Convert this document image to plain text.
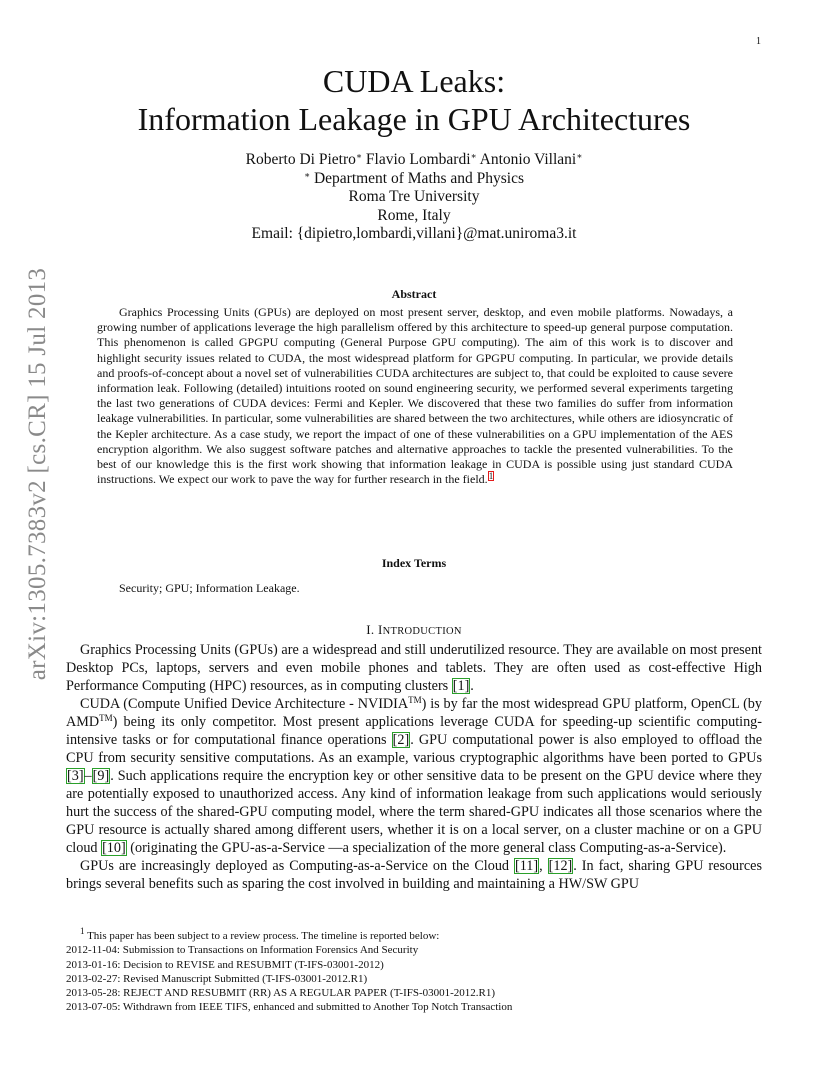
1
arXiv:1305.7383v2 [cs.CR] 15 Jul 2013
CUDA Leaks:
Information Leakage in GPU Architectures
Roberto Di Pietro∗ Flavio Lombardi∗ Antonio Villani∗
∗ Department of Maths and Physics
Roma Tre University
Rome, Italy
Email: {dipietro,lombardi,villani}@mat.uniroma3.it
Abstract

Graphics Processing Units (GPUs) are deployed on most present server, desktop, and even mobile platforms. Nowadays, a growing number of applications leverage the high parallelism offered by this architecture to speed-up general purpose computation. This phenomenon is called GPGPU computing (General Purpose GPU computing). The aim of this work is to discover and highlight security issues related to CUDA, the most widespread platform for GPGPU computing. In particular, we provide details and proofs-of-concept about a novel set of vulnerabilities CUDA architectures are subject to, that could be exploited to cause severe information leak. Following (detailed) intuitions rooted on sound engineering security, we performed several experiments targeting the last two generations of CUDA devices: Fermi and Kepler. We discovered that these two families do suffer from information leakage vulnerabilities. In particular, some vulnerabilities are shared between the two architectures, while others are idiosyncratic of the Kepler architecture. As a case study, we report the impact of one of these vulnerabilities on a GPU implementation of the AES encryption algorithm. We also suggest software patches and alternative approaches to tackle the presented vulnerabilities. To the best of our knowledge this is the first work showing that information leakage in CUDA is possible using just standard CUDA instructions. We expect our work to pave the way for further research in the field.$^1$

Index Terms
Security; GPU; Information Leakage.
I. INTRODUCTION

Graphics Processing Units (GPUs) are a widespread and still underutilized resource. They are available on most present Desktop PCs, laptops, servers and even mobile phones and tablets. They are often used as cost-effective High Performance Computing (HPC) resources, as in computing clusters [1].

CUDA (Compute Unified Device Architecture - NVIDIA™) is by far the most widespread GPU platform, OpenCL (by AMD™) being its only competitor. Most present applications leverage CUDA for speeding-up scientific computing-intensive tasks or for computational finance operations [2]. GPU computational power is also employed to offload the CPU from security sensitive computations. As an example, various cryptographic algorithms have been ported to GPUs [3]–[9]. Such applications require the encryption key or other sensitive data to be present on the GPU device where they are potentially exposed to unauthorized access. Any kind of information leakage from such applications would seriously hurt the success of the shared-GPU computing model, where the term shared-GPU indicates all those scenarios where the GPU resource is actually shared among different users, whether it is on a local server, on a cluster machine or on a GPU cloud [10] (originating the GPU-as-a-Service —a specialization of the more general class Computing-as-a-Service).

GPUs are increasingly deployed as Computing-as-a-Service on the Cloud [11], [12]. In fact, sharing GPU resources brings several benefits such as sparing the cost involved in building and maintaining a HW/SW GPU

$^1$ This paper has been subject to a review process. The timeline is reported below:
2012-11-04: Submission to Transactions on Information Forensics And Security
2013-01-16: Decision to REVISE and RESUBMIT (T-IFS-03001-2012)
2013-02-27: Revised Manuscript Submitted (T-IFS-03001-2012.R1)
2013-05-28: REJECT AND RESUBMIT (RR) AS A REGULAR PAPER (T-IFS-03001-2012.R1)
2013-07-05: Withdrawn from IEEE TIFS, enhanced and submitted to Another Top Notch Transaction
